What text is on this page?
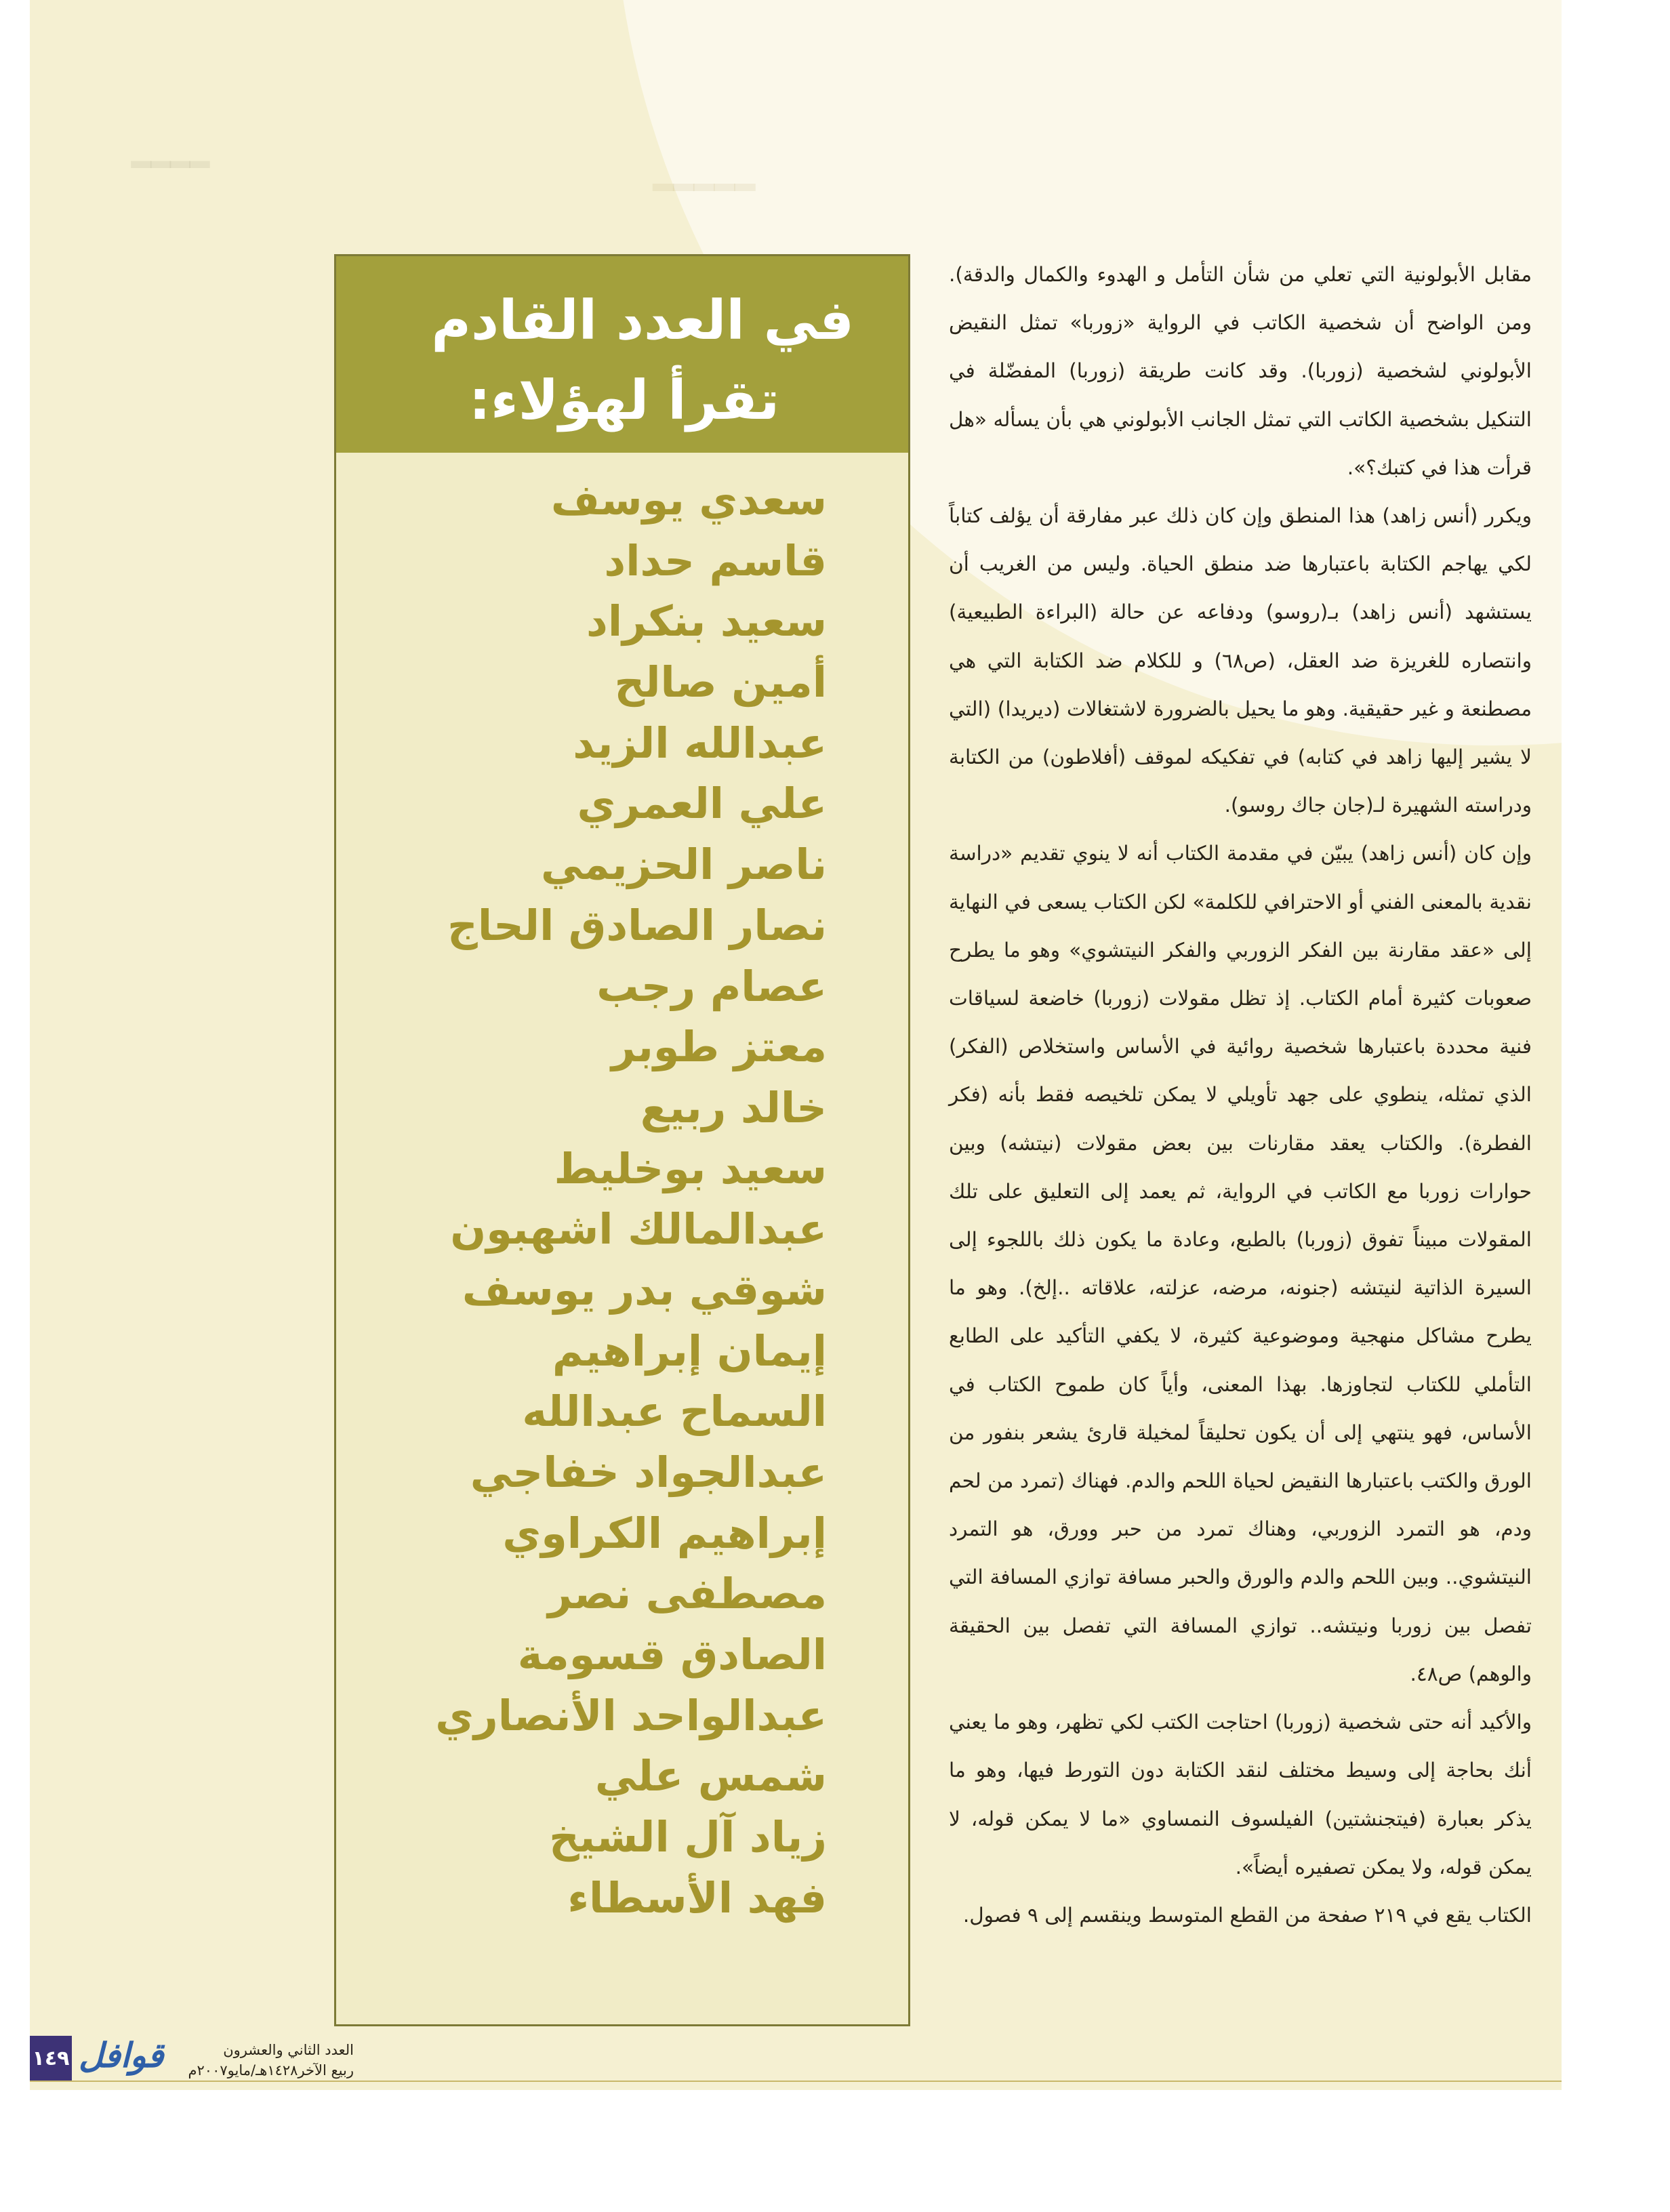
ـــــ
ــــ

في العدد القادم

تقرأ لهؤلاء:

سعدي يوسف
قاسم حداد
سعيد بنكراد
أمين صالح
عبدالله الزيد
علي العمري
ناصر الحزيمي
نصار الصادق الحاج
عصام رجب
معتز طوبر
خالد ربيع
سعيد بوخليط
عبدالمالك اشهبون
شوقي بدر يوسف
إيمان إبراهيم
السماح عبدالله
عبدالجواد خفاجي
إبراهيم الكراوي
مصطفى نصر
الصادق قسومة
عبدالواحد الأنصاري
شمس علي
زياد آل الشيخ
فهد الأسطاء

مقابل الأبولونية التي تعلي من شأن التأمل و الهدوء والكمال والدقة). ومن الواضح أن شخصية الكاتب في الرواية «زوربا» تمثل النقيض الأبولوني لشخصية (زوربا). وقد كانت طريقة (زوربا) المفضّلة في التنكيل بشخصية الكاتب التي تمثل الجانب الأبولوني هي بأن يسأله «هل قرأت هذا في كتبك؟».

ويكرر (أنس زاهد) هذا المنطق وإن كان ذلك عبر مفارقة أن يؤلف كتاباً لكي يهاجم الكتابة باعتبارها ضد منطق الحياة. وليس من الغريب أن يستشهد (أنس زاهد) بـ(روسو) ودفاعه عن حالة (البراءة الطبيعية) وانتصاره للغريزة ضد العقل، (ص٦٨) و للكلام ضد الكتابة التي هي مصطنعة و غير حقيقية. وهو ما يحيل بالضرورة لاشتغالات (ديريدا) (التي لا يشير إليها زاهد في كتابه) في تفكيكه لموقف (أفلاطون) من الكتابة ودراسته الشهيرة لـ(جان جاك روسو).

وإن كان (أنس زاهد) يبيّن في مقدمة الكتاب أنه لا ينوي تقديم «دراسة نقدية بالمعنى الفني أو الاحترافي للكلمة» لكن الكتاب يسعى في النهاية إلى «عقد مقارنة بين الفكر الزوربي والفكر النيتشوي» وهو ما يطرح صعوبات كثيرة أمام الكتاب. إذ تظل مقولات (زوربا) خاضعة لسياقات فنية محددة باعتبارها شخصية روائية في الأساس واستخلاص (الفكر) الذي تمثله، ينطوي على جهد تأويلي لا يمكن تلخيصه فقط بأنه (فكر الفطرة). والكتاب يعقد مقارنات بين بعض مقولات (نيتشه) وبين حوارات زوربا مع الكاتب في الرواية، ثم يعمد إلى التعليق على تلك المقولات مبيناً تفوق (زوربا) بالطبع، وعادة ما يكون ذلك باللجوء إلى السيرة الذاتية لنيتشه (جنونه، مرضه، عزلته، علاقاته ..إلخ). وهو ما يطرح مشاكل منهجية وموضوعية كثيرة، لا يكفي التأكيد على الطابع التأملي للكتاب لتجاوزها. بهذا المعنى، وأياً كان طموح الكتاب في الأساس، فهو ينتهي إلى أن يكون تحليقاً لمخيلة قارئ يشعر بنفور من الورق والكتب باعتبارها النقيض لحياة اللحم والدم. فهناك (تمرد من لحم ودم، هو التمرد الزوربي، وهناك تمرد من حبر وورق، هو التمرد النيتشوي.. وبين اللحم والدم والورق والحبر مسافة توازي المسافة التي تفصل بين زوربا ونيتشه.. توازي المسافة التي تفصل بين الحقيقة والوهم) ص٤٨.

والأكيد أنه حتى شخصية (زوربا) احتاجت الكتب لكي تظهر، وهو ما يعني أنك بحاجة إلى وسيط مختلف لنقد الكتابة دون التورط فيها، وهو ما يذكر بعبارة (فيتجنشتين) الفيلسوف النمساوي «ما لا يمكن قوله، لا يمكن قوله، ولا يمكن تصفيره أيضاً».

الكتاب يقع في ٢١٩ صفحة من القطع المتوسط وينقسم إلى ٩ فصول.

١٤٩ قوافل	العدد الثاني والعشرون
ربيع الآخر١٤٢٨هـ/مايو٢٠٠٧م
